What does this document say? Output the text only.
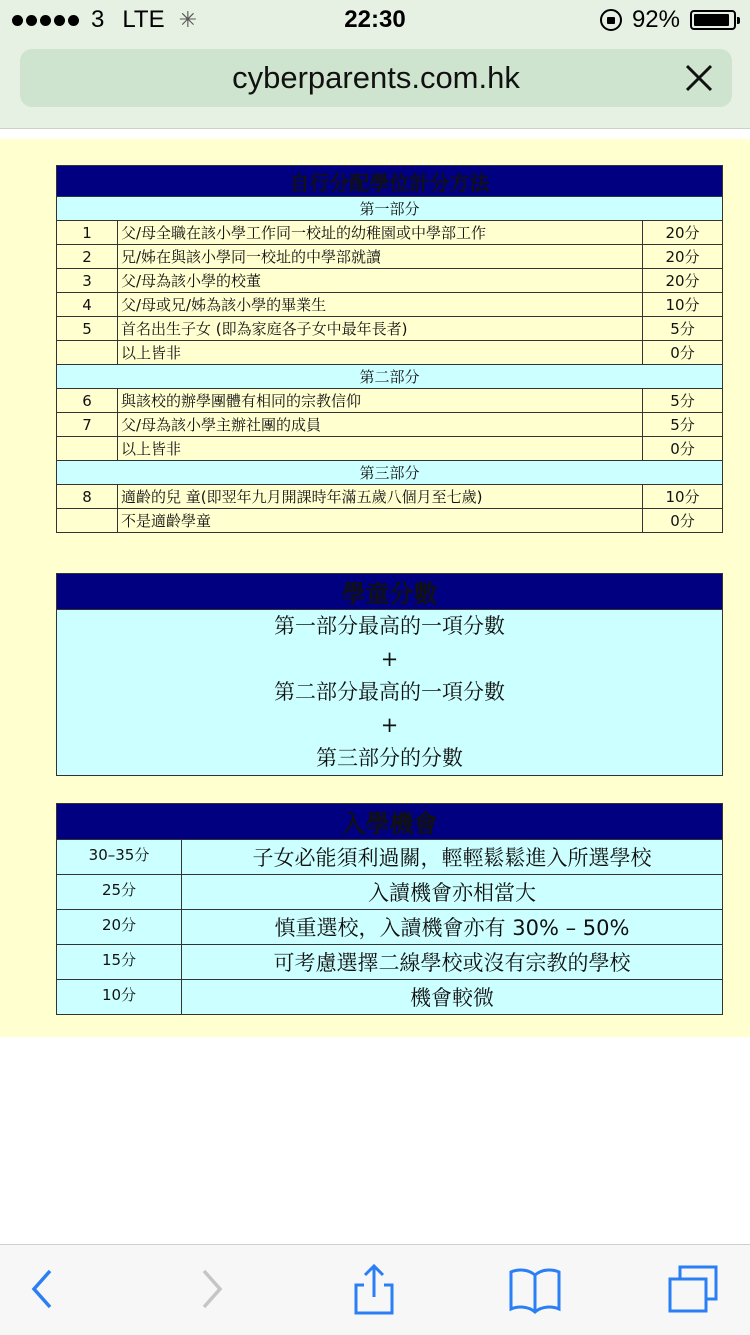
3 LTE ✳	22:30	92%
cyberparents.com.hk
自行分配學位計分方法		
第一部分		
1	父/母全職在該小學工作同一校址的幼稚園或中學部工作	20分
2	兄/姊在與該小學同一校址的中學部就讀	20分
3	父/母為該小學的校董	20分
4	父/母或兄/姊為該小學的畢業生	10分
5	首名出生子女 (即為家庭各子女中最年長者)	5分
	以上皆非	0分
第二部分		
6	與該校的辦學團體有相同的宗教信仰	5分
7	父/母為該小學主辦社團的成員	5分
	以上皆非	0分
第三部分		
8	適齡的兒 童(即翌年九月開課時年滿五歲八個月至七歲)	10分
	不是適齡學童	0分
學童分數

第一部分最高的一項分數
+
第二部分最高的一項分數
+
第三部分的分數
入學機會	
30–35分	子女必能須利過關，輕輕鬆鬆進入所選學校
25分	入讀機會亦相當大
20分	慎重選校，入讀機會亦有 30% – 50%
15分	可考慮選擇二線學校或沒有宗教的學校
10分	機會較微
